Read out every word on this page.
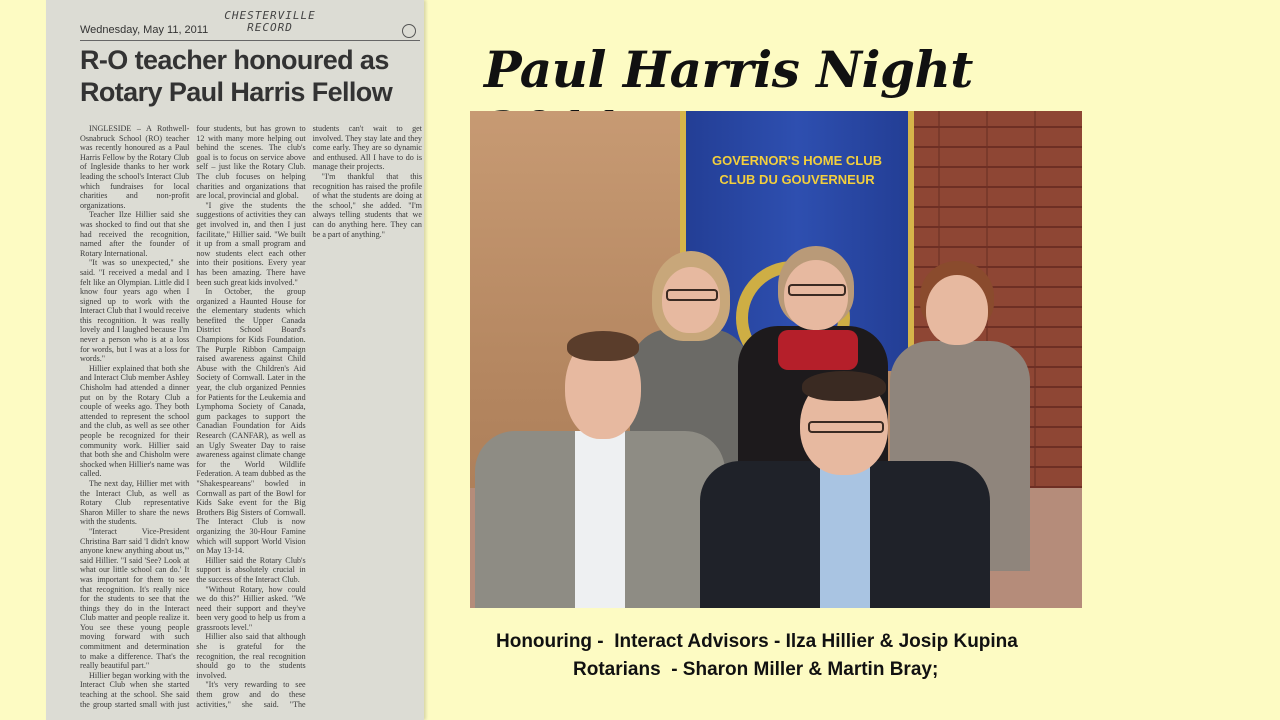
Wednesday, May 11, 2011
CHESTERVILLE RECORD
R-O teacher honoured as Rotary Paul Harris Fellow

INGLESIDE – A Rothwell-Osnabruck School (RO) teacher was recently honoured as a Paul Harris Fellow by the Rotary Club of Ingleside thanks to her work leading the school's Interact Club which fundraises for local charities and non-profit organizations.

Teacher Ilze Hillier said she was shocked to find out that she had received the recognition, named after the founder of Rotary International.

"It was so unexpected," she said. "I received a medal and I felt like an Olympian. Little did I know four years ago when I signed up to work with the Interact Club that I would receive this recognition. It was really lovely and I laughed because I'm never a person who is at a loss for words, but I was at a loss for words."

Hillier explained that both she and Interact Club member Ashley Chisholm had attended a dinner put on by the Rotary Club a couple of weeks ago. They both attended to represent the school and the club, as well as see other people be recognized for their community work. Hillier said that both she and Chisholm were shocked when Hillier's name was called.

The next day, Hillier met with the Interact Club, as well as Rotary Club representative Sharon Miller to share the news with the students.

"Interact Vice-President Christina Barr said 'I didn't know anyone knew anything about us,'" said Hillier. "I said 'See? Look at what our little school can do.' It was important for them to see that recognition. It's really nice for the students to see that the things they do in the Interact Club matter and people realize it. You see these young people moving forward with such commitment and determination to make a difference. That's the really beautiful part."

Hillier began working with the Interact Club when she started teaching at the school. She said the group started small with just four students, but has grown to 12 with many more helping out behind the scenes. The club's goal is to focus on service above self – just like the Rotary Club. The club focuses on helping charities and organizations that are local, provincial and global.

"I give the students the suggestions of activities they can get involved in, and then I just facilitate," Hillier said. "We built it up from a small program and now students elect each other into their positions. Every year has been amazing. There have been such great kids involved."

In October, the group organized a Haunted House for the elementary students which benefited the Upper Canada District School Board's Champions for Kids Foundation. The Purple Ribbon Campaign raised awareness against Child Abuse with the Children's Aid Society of Cornwall. Later in the year, the club organized Pennies for Patients for the Leukemia and Lymphoma Society of Canada, gum packages to support the Canadian Foundation for Aids Research (CANFAR), as well as an Ugly Sweater Day to raise awareness against climate change for the World Wildlife Federation. A team dubbed as the "Shakespeareans" bowled in Cornwall as part of the Bowl for Kids Sake event for the Big Brothers Big Sisters of Cornwall. The Interact Club is now organizing the 30-Hour Famine which will support World Vision on May 13-14.

Hillier said the Rotary Club's support is absolutely crucial in the success of the Interact Club.

"Without Rotary, how could we do this?" Hillier asked. "We need their support and they've been very good to help us from a grassroots level."

Hillier also said that although she is grateful for the recognition, the real recognition should go to the students involved.

"It's very rewarding to see them grow and do these activities," she said. "The students can't wait to get involved. They stay late and they come early. They are so dynamic and enthused. All I have to do is manage their projects.

"I'm thankful that this recognition has raised the profile of what the students are doing at the school," she added. "I'm always telling students that we can do anything here. They can be a part of anything."

Paul Harris Night
GOVERNOR'S HOME CLUB
CLUB DU GOUVERNEUR
Honouring -  Interact Advisors - Ilza Hillier & Josip Kupina
Rotarians  - Sharon Miller & Martin Bray;
